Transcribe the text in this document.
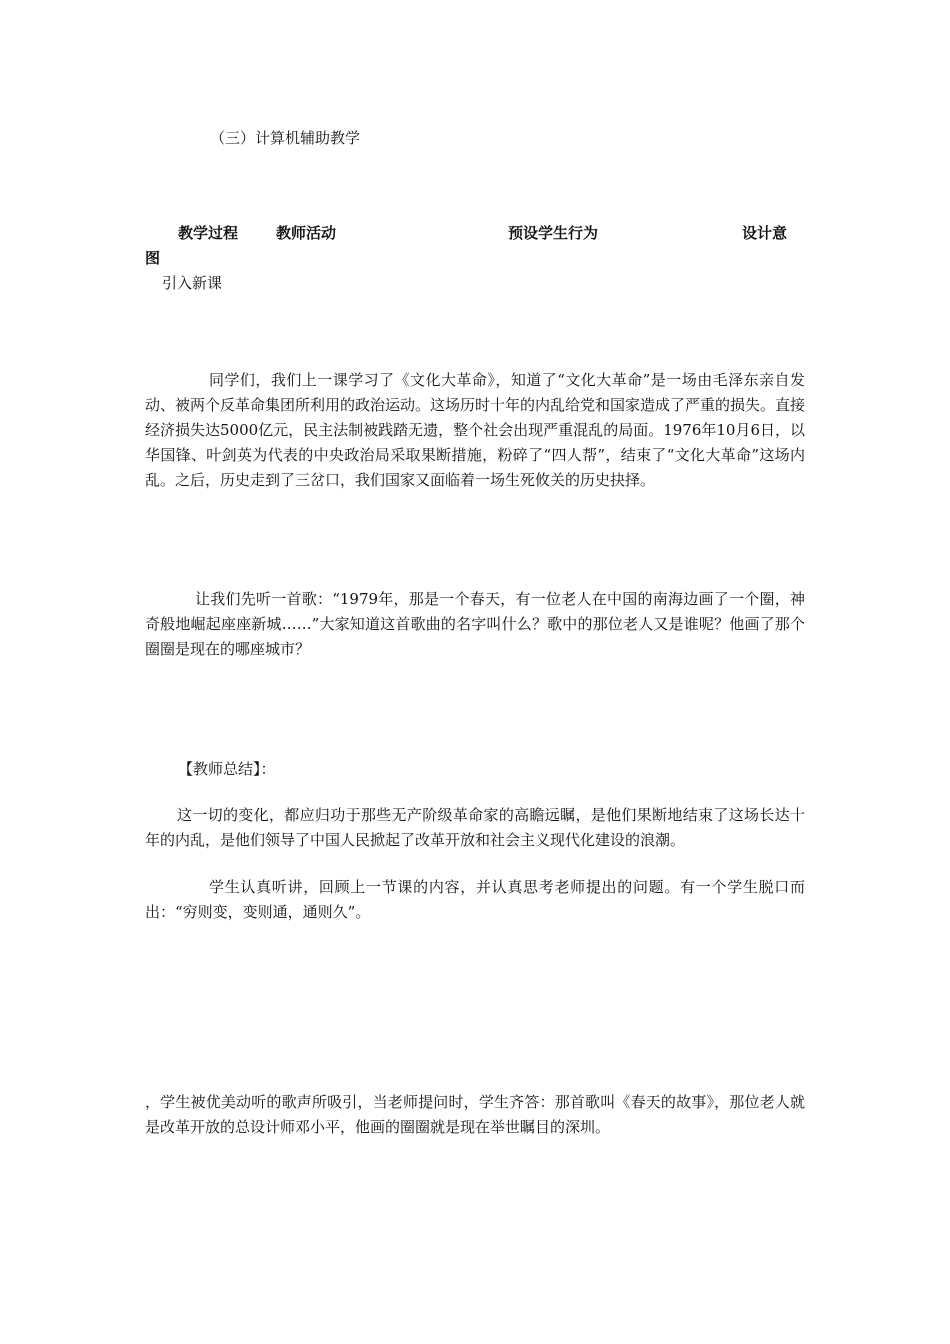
（三）计算机辅助教学
教学过程	教师活动	预设学生行为	设计意
图
引入新课
同学们，我们上一课学习了《文化大革命》，知道了“文化大革命”是一场由毛泽东亲自发动、被两个反革命集团所利用的政治运动。这场历时十年的内乱给党和国家造成了严重的损失。直接经济损失达5000亿元，民主法制被践踏无遗，整个社会出现严重混乱的局面。1976年10月6日，以华国锋、叶剑英为代表的中央政治局采取果断措施，粉碎了“四人帮”，结束了“文化大革命”这场内乱。之后，历史走到了三岔口，我们国家又面临着一场生死攸关的历史抉择。
让我们先听一首歌：“1979年，那是一个春天，有一位老人在中国的南海边画了一个圈，神奇般地崛起座座新城……”大家知道这首歌曲的名字叫什么？歌中的那位老人又是谁呢？他画了那个圈圈是现在的哪座城市？
【教师总结】：
这一切的变化，都应归功于那些无产阶级革命家的高瞻远瞩，是他们果断地结束了这场长达十年的内乱，是他们领导了中国人民掀起了改革开放和社会主义现代化建设的浪潮。
学生认真听讲，回顾上一节课的内容，并认真思考老师提出的问题。有一个学生脱口而出：“穷则变，变则通，通则久”。
，学生被优美动听的歌声所吸引，当老师提问时，学生齐答：那首歌叫《春天的故事》，那位老人就是改革开放的总设计师邓小平，他画的圈圈就是现在举世瞩目的深圳。
